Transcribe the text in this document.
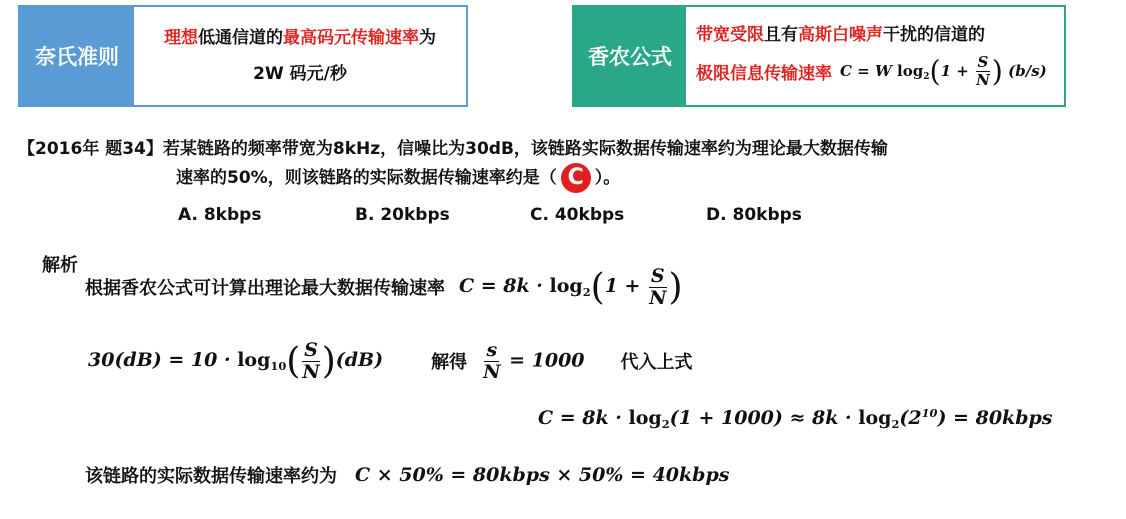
奈氏准则
理想低通信道的最高码元传输速率为
2W 码元/秒
香农公式
带宽受限且有高斯白噪声干扰的信道的
极限信息传输速率 C = W $\log_2(1 + \frac{S}{N}$ ) (b/s)
【2016年 题34】若某链路的频率带宽为8kHz，信噪比为30dB，该链路实际数据传输速率约为理论最大数据传输
速率的50%，则该链路的实际数据传输速率约是（ C ）。
A. 8kbps	B. 20kbps	C. 40kbps	D. 80kbps
解析
根据香农公式可计算出理论最大数据传输速率 $C = 8k \cdot \log_2(1 + \frac{S}{N}$ )
$30(dB) = 10 \cdot \log_{10}( \frac{S}{N} )(dB)$	解得 $\frac{s}{N} = 1000$ 代入上式
$C = 8k \cdot \log_2(1 + 1000) \approx 8k \cdot \log_2(2^{10})$ = 80kbps
该链路的实际数据传输速率约为 C × 50% = 80kbps × 50% = 40kbps
